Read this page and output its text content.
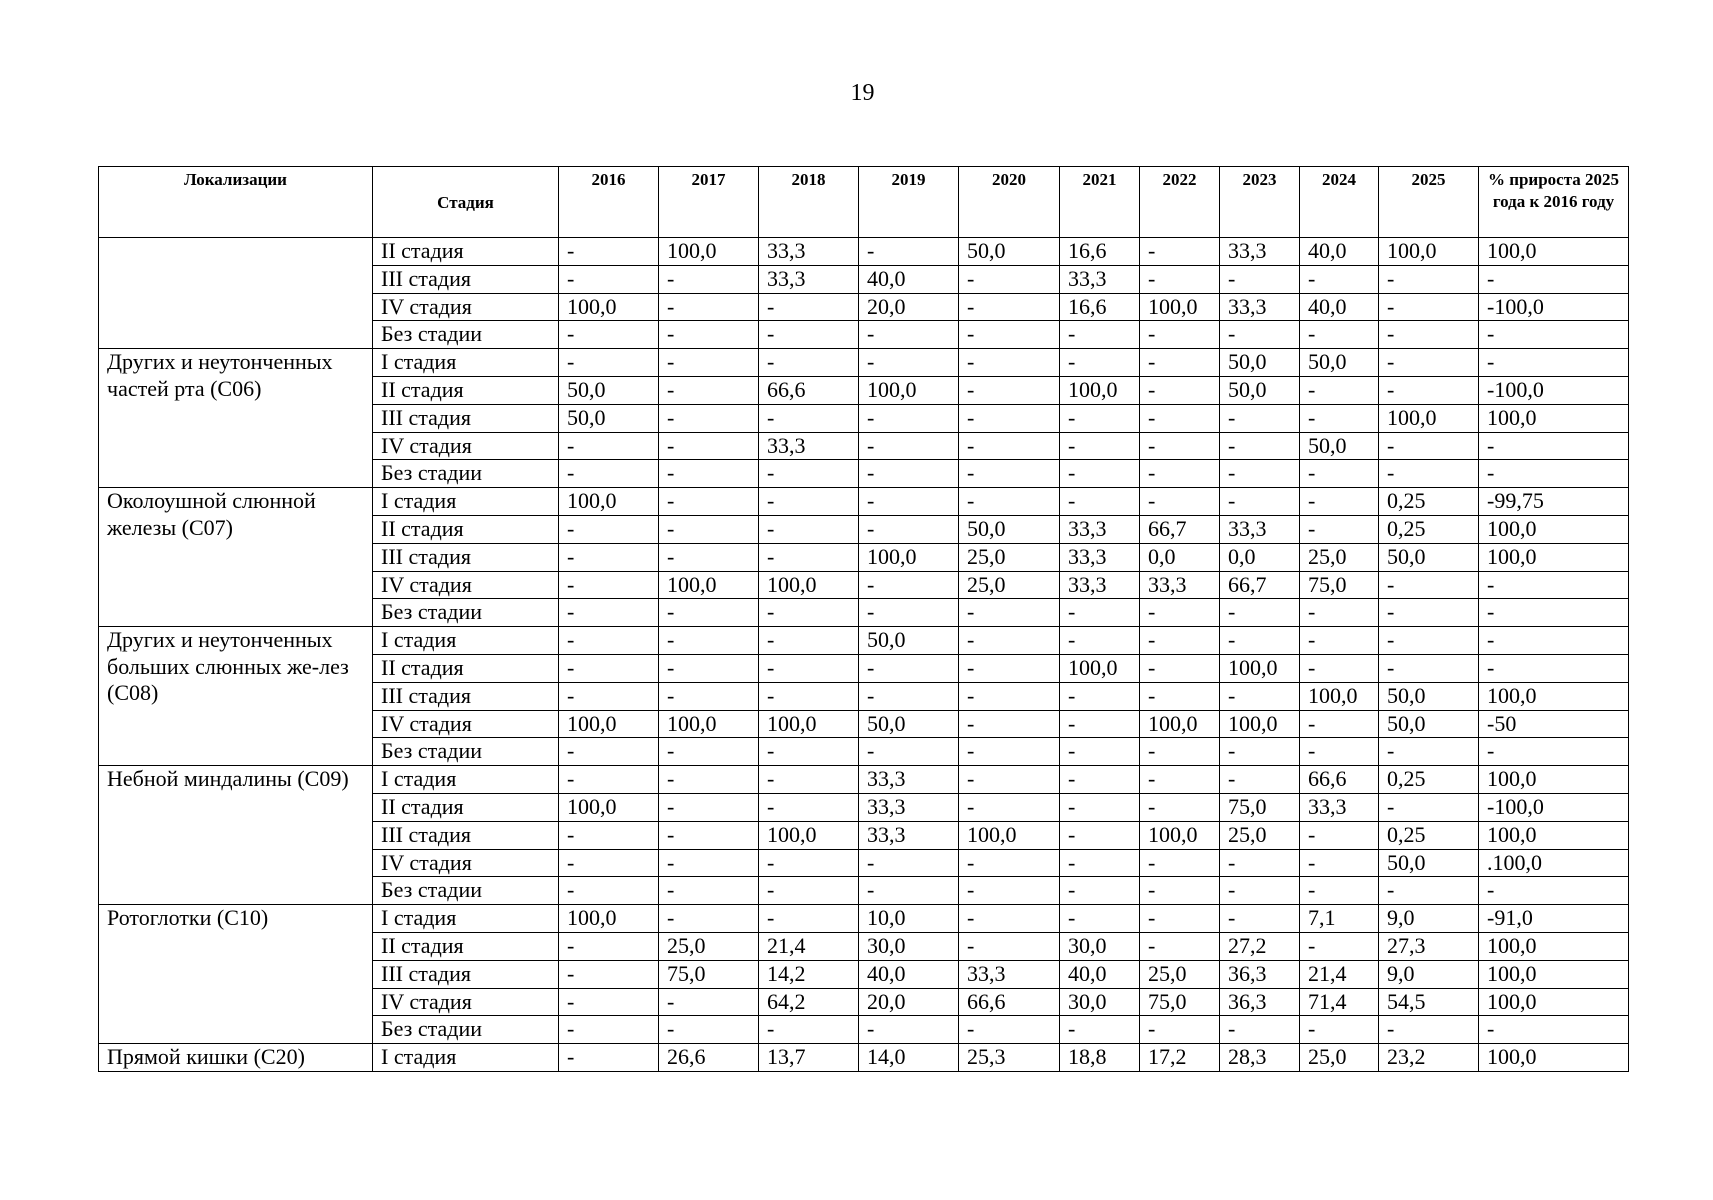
19
Локализации	Стадия	2016	2017	2018	2019	2020	2021	2022	2023	2024	2025	% прироста 2025 года к 2016 году
	II стадия	-	100,0	33,3	-	50,0	16,6	-	33,3	40,0	100,0	100,0
	III стадия	-	-	33,3	40,0	-	33,3	-	-	-	-	-
	IV стадия	100,0	-	-	20,0	-	16,6	100,0	33,3	40,0	-	-100,0
	Без стадии	-	-	-	-	-	-	-	-	-	-	-
Других и неутонченных частей рта (С06)	I стадия	-	-	-	-	-	-	-	50,0	50,0	-	-
	II стадия	50,0	-	66,6	100,0	-	100,0	-	50,0	-	-	-100,0
	III стадия	50,0	-	-	-	-	-	-	-	-	100,0	100,0
	IV стадия	-	-	33,3	-	-	-	-	-	50,0	-	-
	Без стадии	-	-	-	-	-	-	-	-	-	-	-
Околоушной слюнной железы (С07)	I стадия	100,0	-	-	-	-	-	-	-	-	0,25	-99,75
	II стадия	-	-	-	-	50,0	33,3	66,7	33,3	-	0,25	100,0
	III стадия	-	-	-	100,0	25,0	33,3	0,0	0,0	25,0	50,0	100,0
	IV стадия	-	100,0	100,0	-	25,0	33,3	33,3	66,7	75,0	-	-
	Без стадии	-	-	-	-	-	-	-	-	-	-	-
Других и неутонченных больших слюнных же-лез (С08)	I стадия	-	-	-	50,0	-	-	-	-	-	-	-
	II стадия	-	-	-	-	-	100,0	-	100,0	-	-	-
	III стадия	-	-	-	-	-	-	-	-	100,0	50,0	100,0
	IV стадия	100,0	100,0	100,0	50,0	-	-	100,0	100,0	-	50,0	-50
	Без стадии	-	-	-	-	-	-	-	-	-	-	-
Небной миндалины (С09)	I стадия	-	-	-	33,3	-	-	-	-	66,6	0,25	100,0
	II стадия	100,0	-	-	33,3	-	-	-	75,0	33,3	-	-100,0
	III стадия	-	-	100,0	33,3	100,0	-	100,0	25,0	-	0,25	100,0
	IV стадия	-	-	-	-	-	-	-	-	-	50,0	.100,0
	Без стадии	-	-	-	-	-	-	-	-	-	-	-
Ротоглотки (С10)	I стадия	100,0	-	-	10,0	-	-	-	-	7,1	9,0	-91,0
	II стадия	-	25,0	21,4	30,0	-	30,0	-	27,2	-	27,3	100,0
	III стадия	-	75,0	14,2	40,0	33,3	40,0	25,0	36,3	21,4	9,0	100,0
	IV стадия	-	-	64,2	20,0	66,6	30,0	75,0	36,3	71,4	54,5	100,0
	Без стадии	-	-	-	-	-	-	-	-	-	-	-
Прямой кишки (С20)	I стадия	-	26,6	13,7	14,0	25,3	18,8	17,2	28,3	25,0	23,2	100,0
